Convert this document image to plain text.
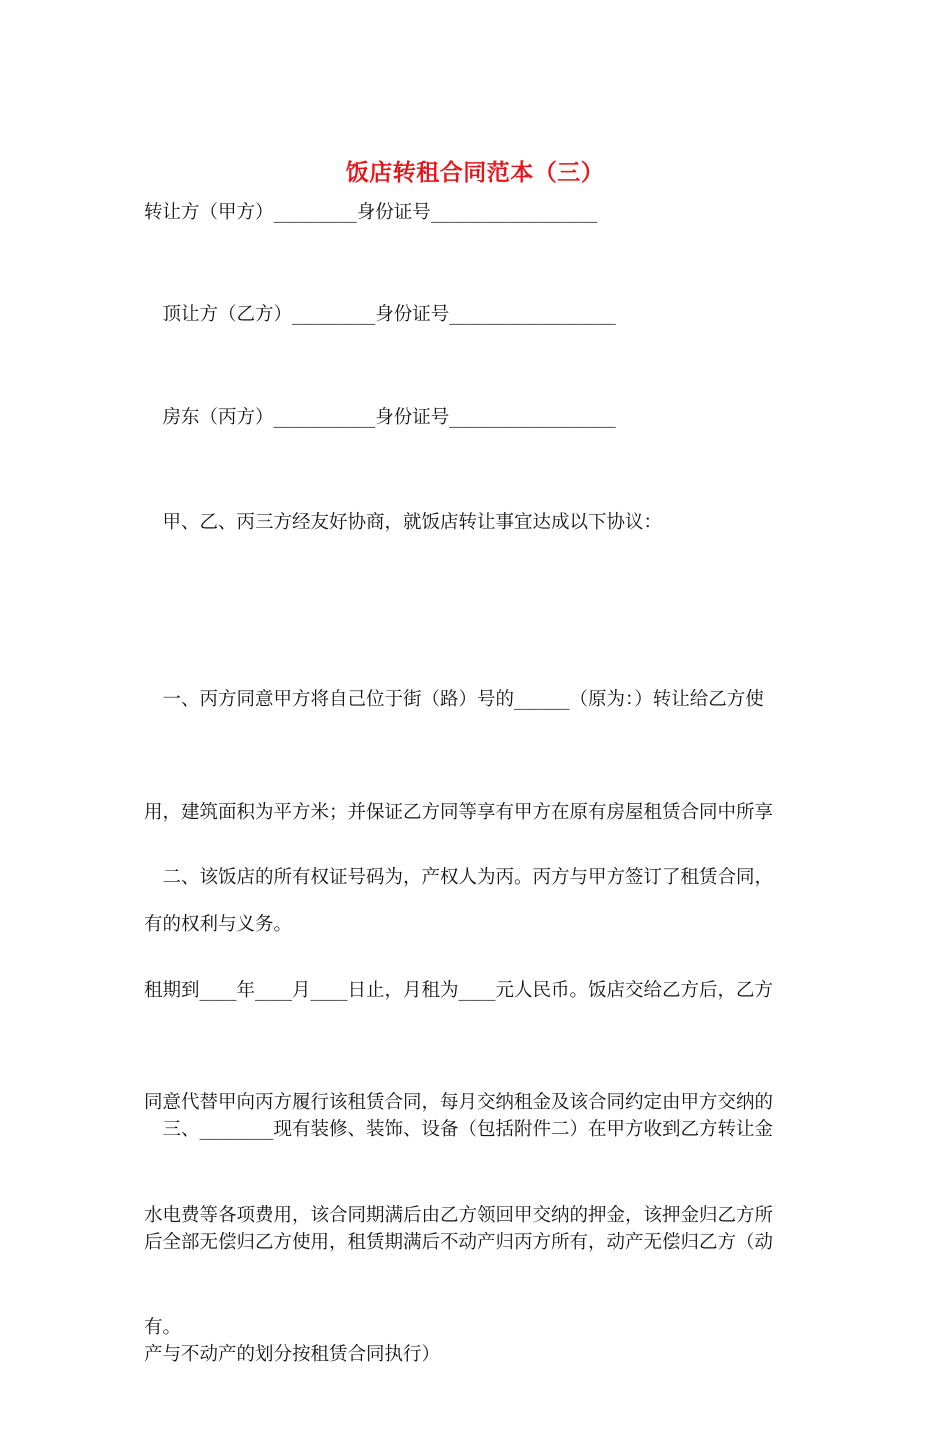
饭店转租合同范本（三）
转让方（甲方）_________身份证号__________________
　顶让方（乙方）_________身份证号__________________
　房东（丙方）___________身份证号__________________
　甲、乙、丙三方经友好协商，就饭店转让事宜达成以下协议：

　一、丙方同意甲方将自己位于街（路）号的______（原为：）转让给乙方使

用，建筑面积为平方米；并保证乙方同等享有甲方在原有房屋租赁合同中所享

有的权利与义务。

　二、该饭店的所有权证号码为，产权人为丙。丙方与甲方签订了租赁合同，

租期到____年____月____日止，月租为____元人民币。饭店交给乙方后，乙方

同意代替甲向丙方履行该租赁合同，每月交纳租金及该合同约定由甲方交纳的

水电费等各项费用，该合同期满后由乙方领回甲交纳的押金，该押金归乙方所

有。

　三、________现有装修、装饰、设备（包括附件二）在甲方收到乙方转让金

后全部无偿归乙方使用，租赁期满后不动产归丙方所有，动产无偿归乙方（动

产与不动产的划分按租赁合同执行）
